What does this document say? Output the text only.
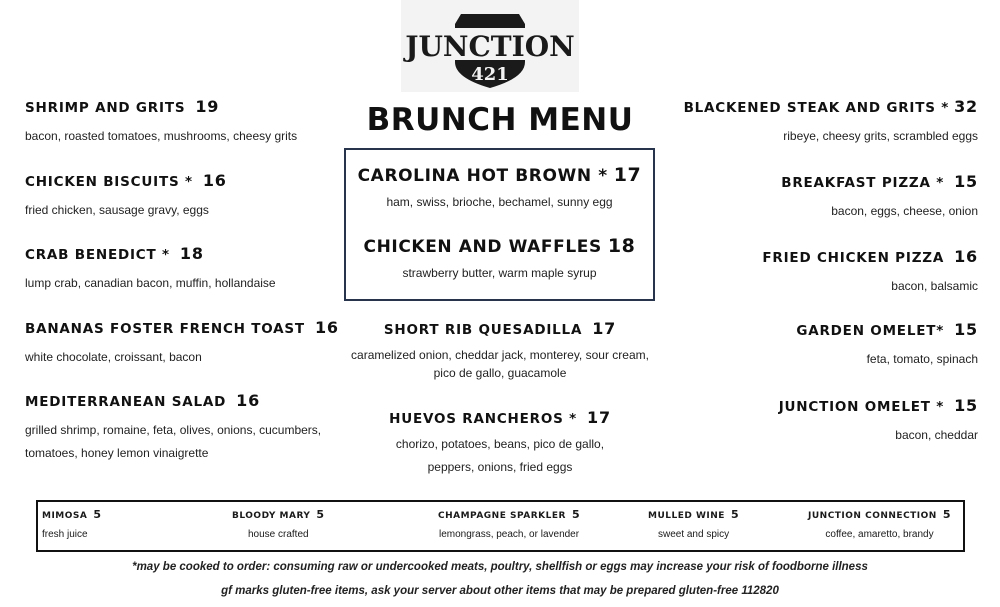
JUNCTION
421
BRUNCH MENU
SHRIMP AND GRITS 19
bacon, roasted tomatoes, mushrooms, cheesy grits
CHICKEN BISCUITS * 16
fried chicken, sausage gravy, eggs
CRAB BENEDICT * 18
lump crab, canadian bacon, muffin, hollandaise
BANANAS FOSTER FRENCH TOAST 16
white chocolate, croissant, bacon
MEDITERRANEAN SALAD 16
grilled shrimp, romaine, feta, olives, onions, cucumbers,
tomatoes, honey lemon vinaigrette
CAROLINA HOT BROWN * 17
ham, swiss, brioche, bechamel, sunny egg
CHICKEN AND WAFFLES 18
strawberry butter, warm maple syrup
SHORT RIB QUESADILLA 17
caramelized onion, cheddar jack, monterey, sour cream,
pico de gallo, guacamole
HUEVOS RANCHEROS * 17
chorizo, potatoes, beans, pico de gallo,
peppers, onions, fried eggs
BLACKENED STEAK AND GRITS * 32
ribeye, cheesy grits, scrambled eggs
BREAKFAST PIZZA * 15
bacon, eggs, cheese, onion
FRIED CHICKEN PIZZA 16
bacon, balsamic
GARDEN OMELET* 15
feta, tomato, spinach
JUNCTION OMELET * 15
bacon, cheddar
MIMOSA 5
fresh juice
BLOODY MARY 5
house crafted
CHAMPAGNE SPARKLER 5
lemongrass, peach, or lavender
MULLED WINE 5
sweet and spicy
JUNCTION CONNECTION 5
coffee, amaretto, brandy
*may be cooked to order: consuming raw or undercooked meats, poultry, shellfish or eggs may increase your risk of foodborne illness
gf marks gluten-free items, ask your server about other items that may be prepared gluten-free 112820
